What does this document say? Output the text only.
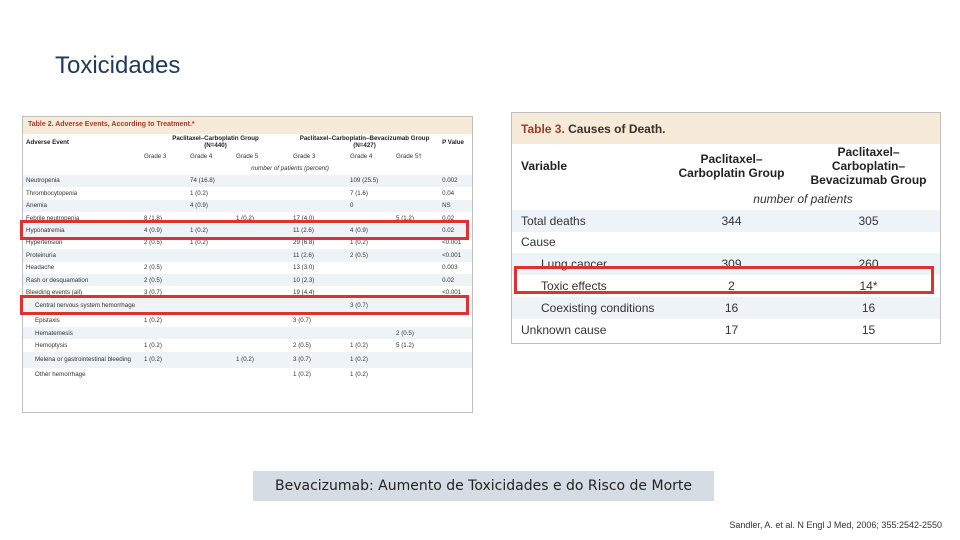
Toxicidades
Table 2. Adverse Events, According to Treatment.*
Adverse Event	Paclitaxel–Carboplatin Group
(N=440)			Paclitaxel–Carboplatin–Bevacizumab Group
(N=427)			P Value
	Grade 3	Grade 4	Grade 5	Grade 3	Grade 4	Grade 5†	
	number of patients (percent)						
Neutropenia		74 (16.8)			109 (25.5)		0.002
Thrombocytopenia		1 (0.2)			7 (1.6)		0.04
Anemia		4 (0.9)			0		NS
Febrile neutropenia	8 (1.8)		1 (0.2)	17 (4.0)		5 (1.2)	0.02
Hyponatremia	4 (0.9)	1 (0.2)		11 (2.6)	4 (0.9)		0.02
Hypertension	2 (0.5)	1 (0.2)		29 (6.8)	1 (0.2)		<0.001
Proteinuria				11 (2.6)	2 (0.5)		<0.001
Headache	2 (0.5)			13 (3.0)			0.003
Rash or desquamation	2 (0.5)			10 (2.3)			0.02
Bleeding events (all)	3 (0.7)			19 (4.4)			<0.001
Central nervous system hemorrhage					3 (0.7)		
Epistaxis	1 (0.2)			3 (0.7)			
Hematemesis						2 (0.5)	
Hemoptysis	1 (0.2)			2 (0.5)	1 (0.2)	5 (1.2)	
Melena or gastrointestinal bleeding	1 (0.2)		1 (0.2)	3 (0.7)	1 (0.2)		
Other hemorrhage				1 (0.2)	1 (0.2)		
Table 3. Causes of Death.
Variable	Paclitaxel–Carboplatin Group	Paclitaxel–Carboplatin–Bevacizumab Group
	number of patients	
Total deaths	344	305
Cause		
Lung cancer	309	260
Toxic effects	2	14*
Coexisting conditions	16	16
Unknown cause	17	15
Bevacizumab: Aumento de Toxicidades e do Risco de Morte
Sandler, A. et al. N Engl J Med, 2006; 355:2542-2550
